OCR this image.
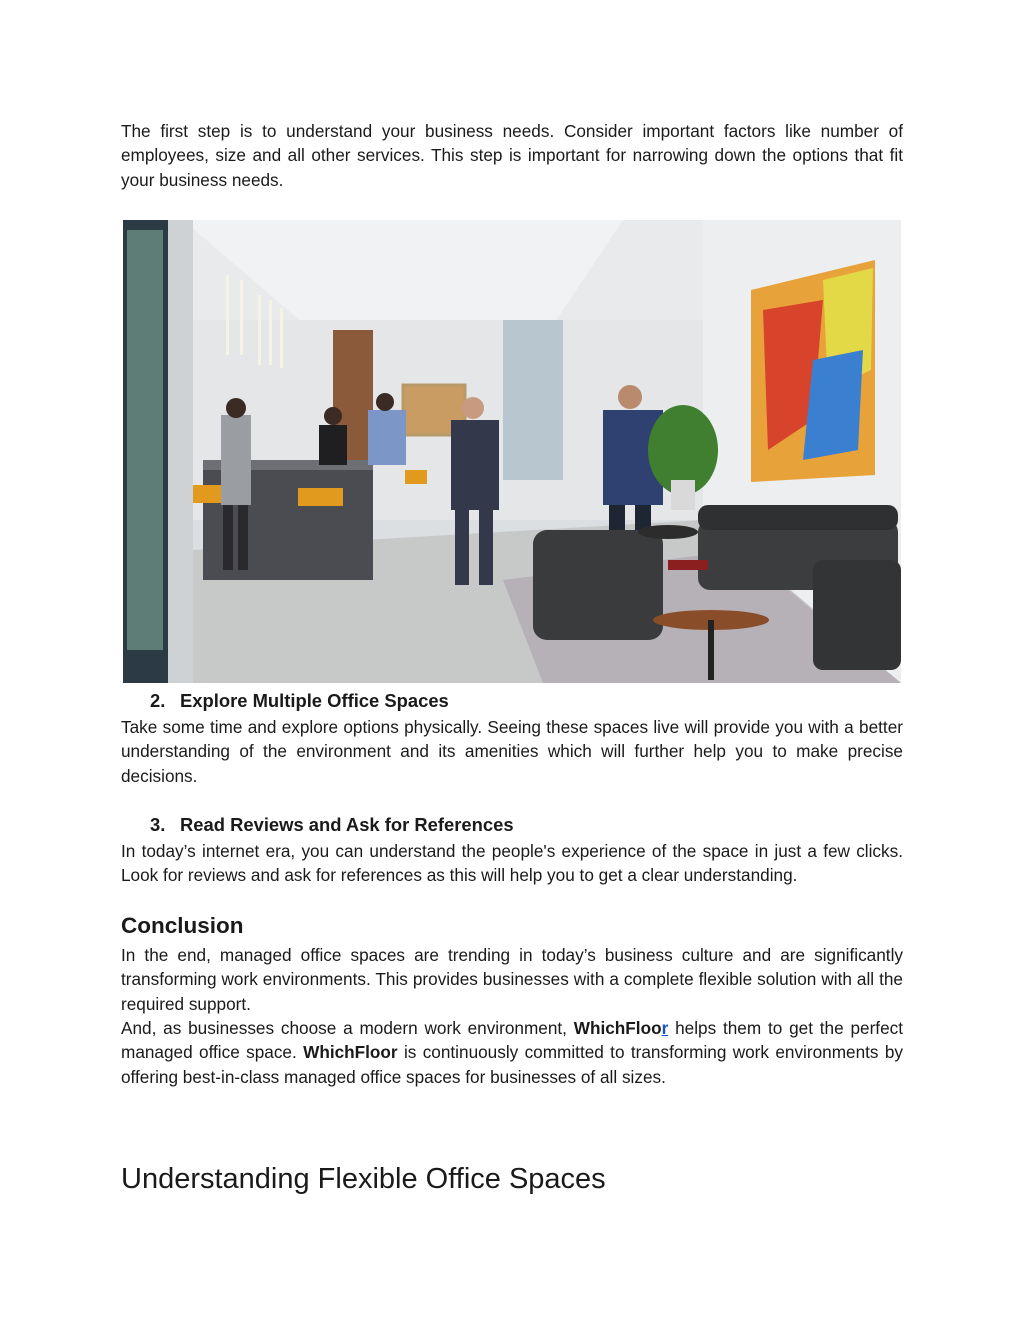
The first step is to understand your business needs. Consider important factors like number of employees, size and all other services. This step is important for narrowing down the options that fit your business needs.

2. Explore Multiple Office Spaces

Take some time and explore options physically. Seeing these spaces live will provide you with a better understanding of the environment and its amenities which will further help you to make precise decisions.

3. Read Reviews and Ask for References

In today’s internet era, you can understand the people's experience of the space in just a few clicks. Look for reviews and ask for references as this will help you to get a clear understanding.

Conclusion

In the end, managed office spaces are trending in today’s business culture and are significantly transforming work environments. This provides businesses with a complete flexible solution with all the required support.

And, as businesses choose a modern work environment, WhichFloor helps them to get the perfect managed office space. WhichFloor is continuously committed to transforming work environments by offering best-in-class managed office spaces for businesses of all sizes.

Understanding Flexible Office Spaces
